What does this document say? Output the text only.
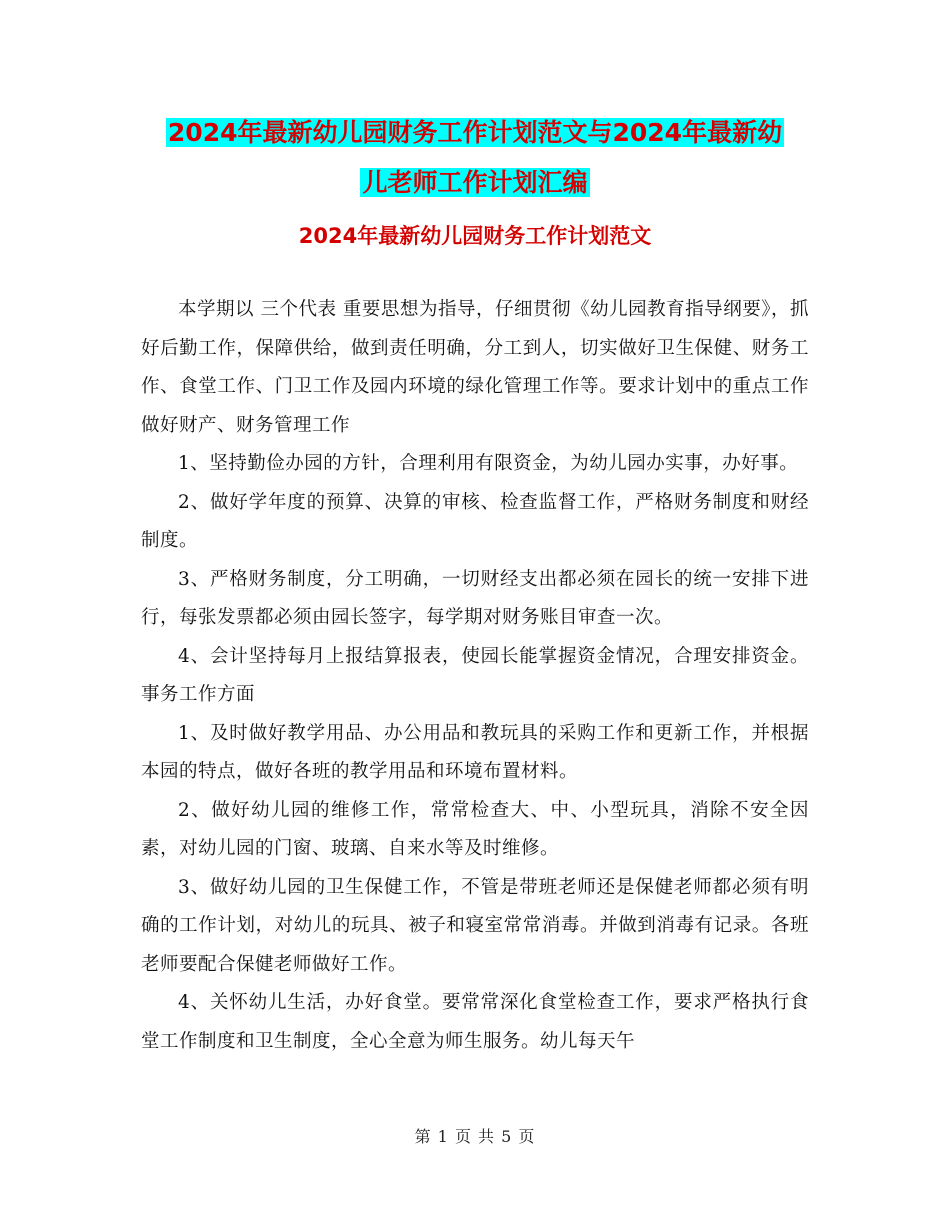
2024年最新幼儿园财务工作计划范文与2024年最新幼
儿老师工作计划汇编
2024年最新幼儿园财务工作计划范文

本学期以 三个代表 重要思想为指导，仔细贯彻《幼儿园教育指导纲要》，抓好后勤工作，保障供给，做到责任明确，分工到人，切实做好卫生保健、财务工作、食堂工作、门卫工作及园内环境的绿化管理工作等。要求计划中的重点工作做好财产、财务管理工作

1、坚持勤俭办园的方针，合理利用有限资金，为幼儿园办实事，办好事。

2、做好学年度的预算、决算的审核、检查监督工作，严格财务制度和财经制度。

3、严格财务制度，分工明确，一切财经支出都必须在园长的统一安排下进行，每张发票都必须由园长签字，每学期对财务账目审查一次。

4、会计坚持每月上报结算报表，使园长能掌握资金情况，合理安排资金。事务工作方面

1、及时做好教学用品、办公用品和教玩具的采购工作和更新工作，并根据本园的特点，做好各班的教学用品和环境布置材料。

2、做好幼儿园的维修工作，常常检查大、中、小型玩具，消除不安全因素，对幼儿园的门窗、玻璃、自来水等及时维修。

3、做好幼儿园的卫生保健工作，不管是带班老师还是保健老师都必须有明确的工作计划，对幼儿的玩具、被子和寝室常常消毒。并做到消毒有记录。各班老师要配合保健老师做好工作。

4、关怀幼儿生活，办好食堂。要常常深化食堂检查工作，要求严格执行食堂工作制度和卫生制度，全心全意为师生服务。幼儿每天午

第 1 页 共 5 页
